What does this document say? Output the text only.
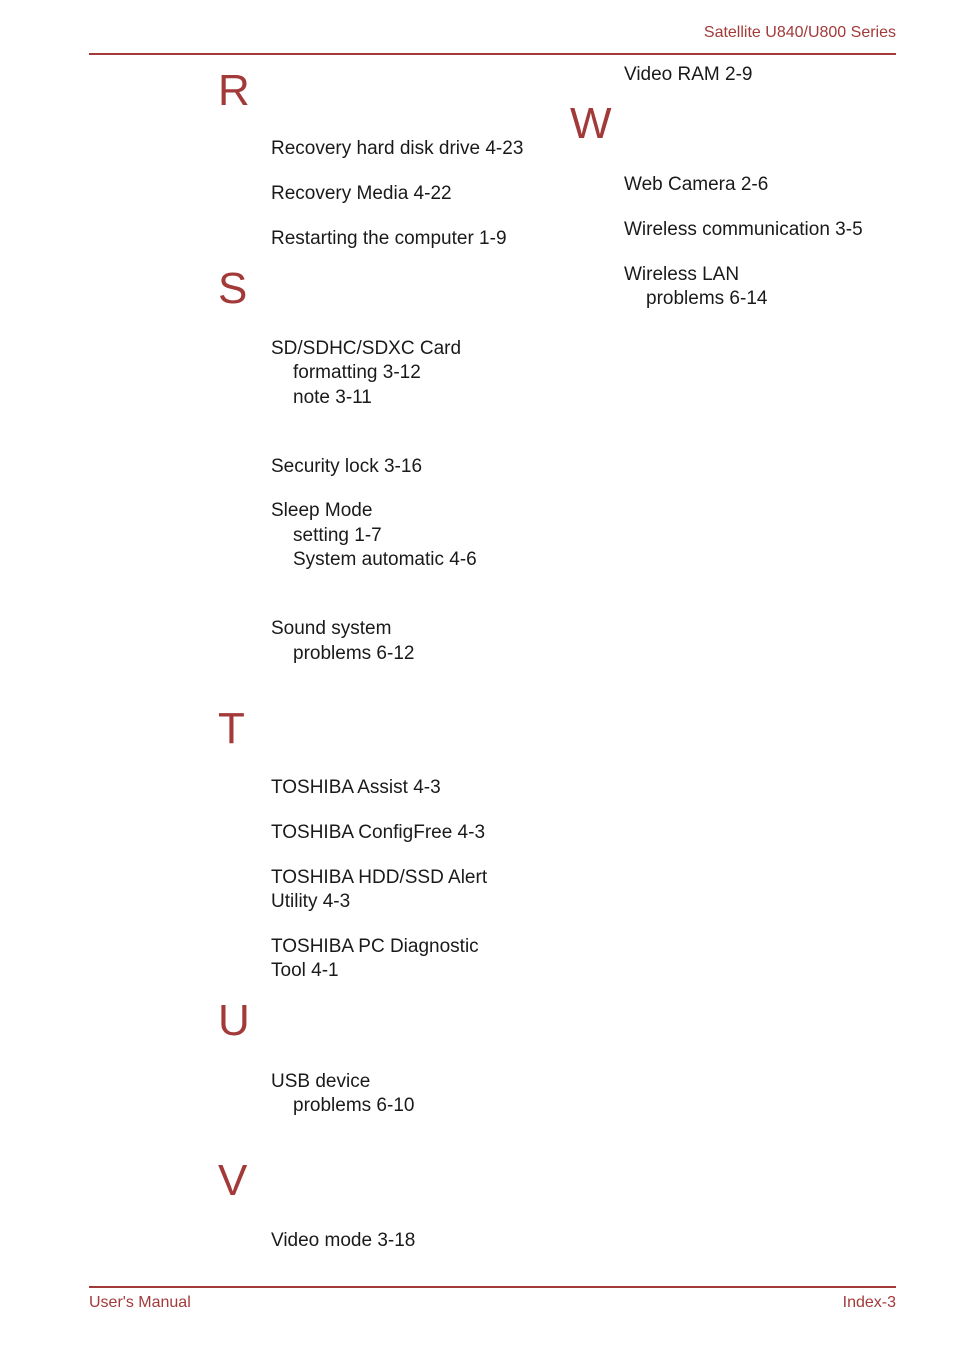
Satellite U840/U800 Series
R
Recovery hard disk drive 4-23
Recovery Media 4-22
Restarting the computer 1-9
S
SD/SDHC/SDXC Card
formatting 3-12
note 3-11
Security lock 3-16
Sleep Mode
setting 1-7
System automatic 4-6
Sound system
problems 6-12
T
TOSHIBA Assist 4-3
TOSHIBA ConfigFree 4-3
TOSHIBA HDD/SSD Alert
Utility 4-3
TOSHIBA PC Diagnostic
Tool 4-1
U
USB device
problems 6-10
V
Video mode 3-18
Video RAM 2-9
W
Web Camera 2-6
Wireless communication 3-5
Wireless LAN
problems 6-14
User's Manual	Index-3
